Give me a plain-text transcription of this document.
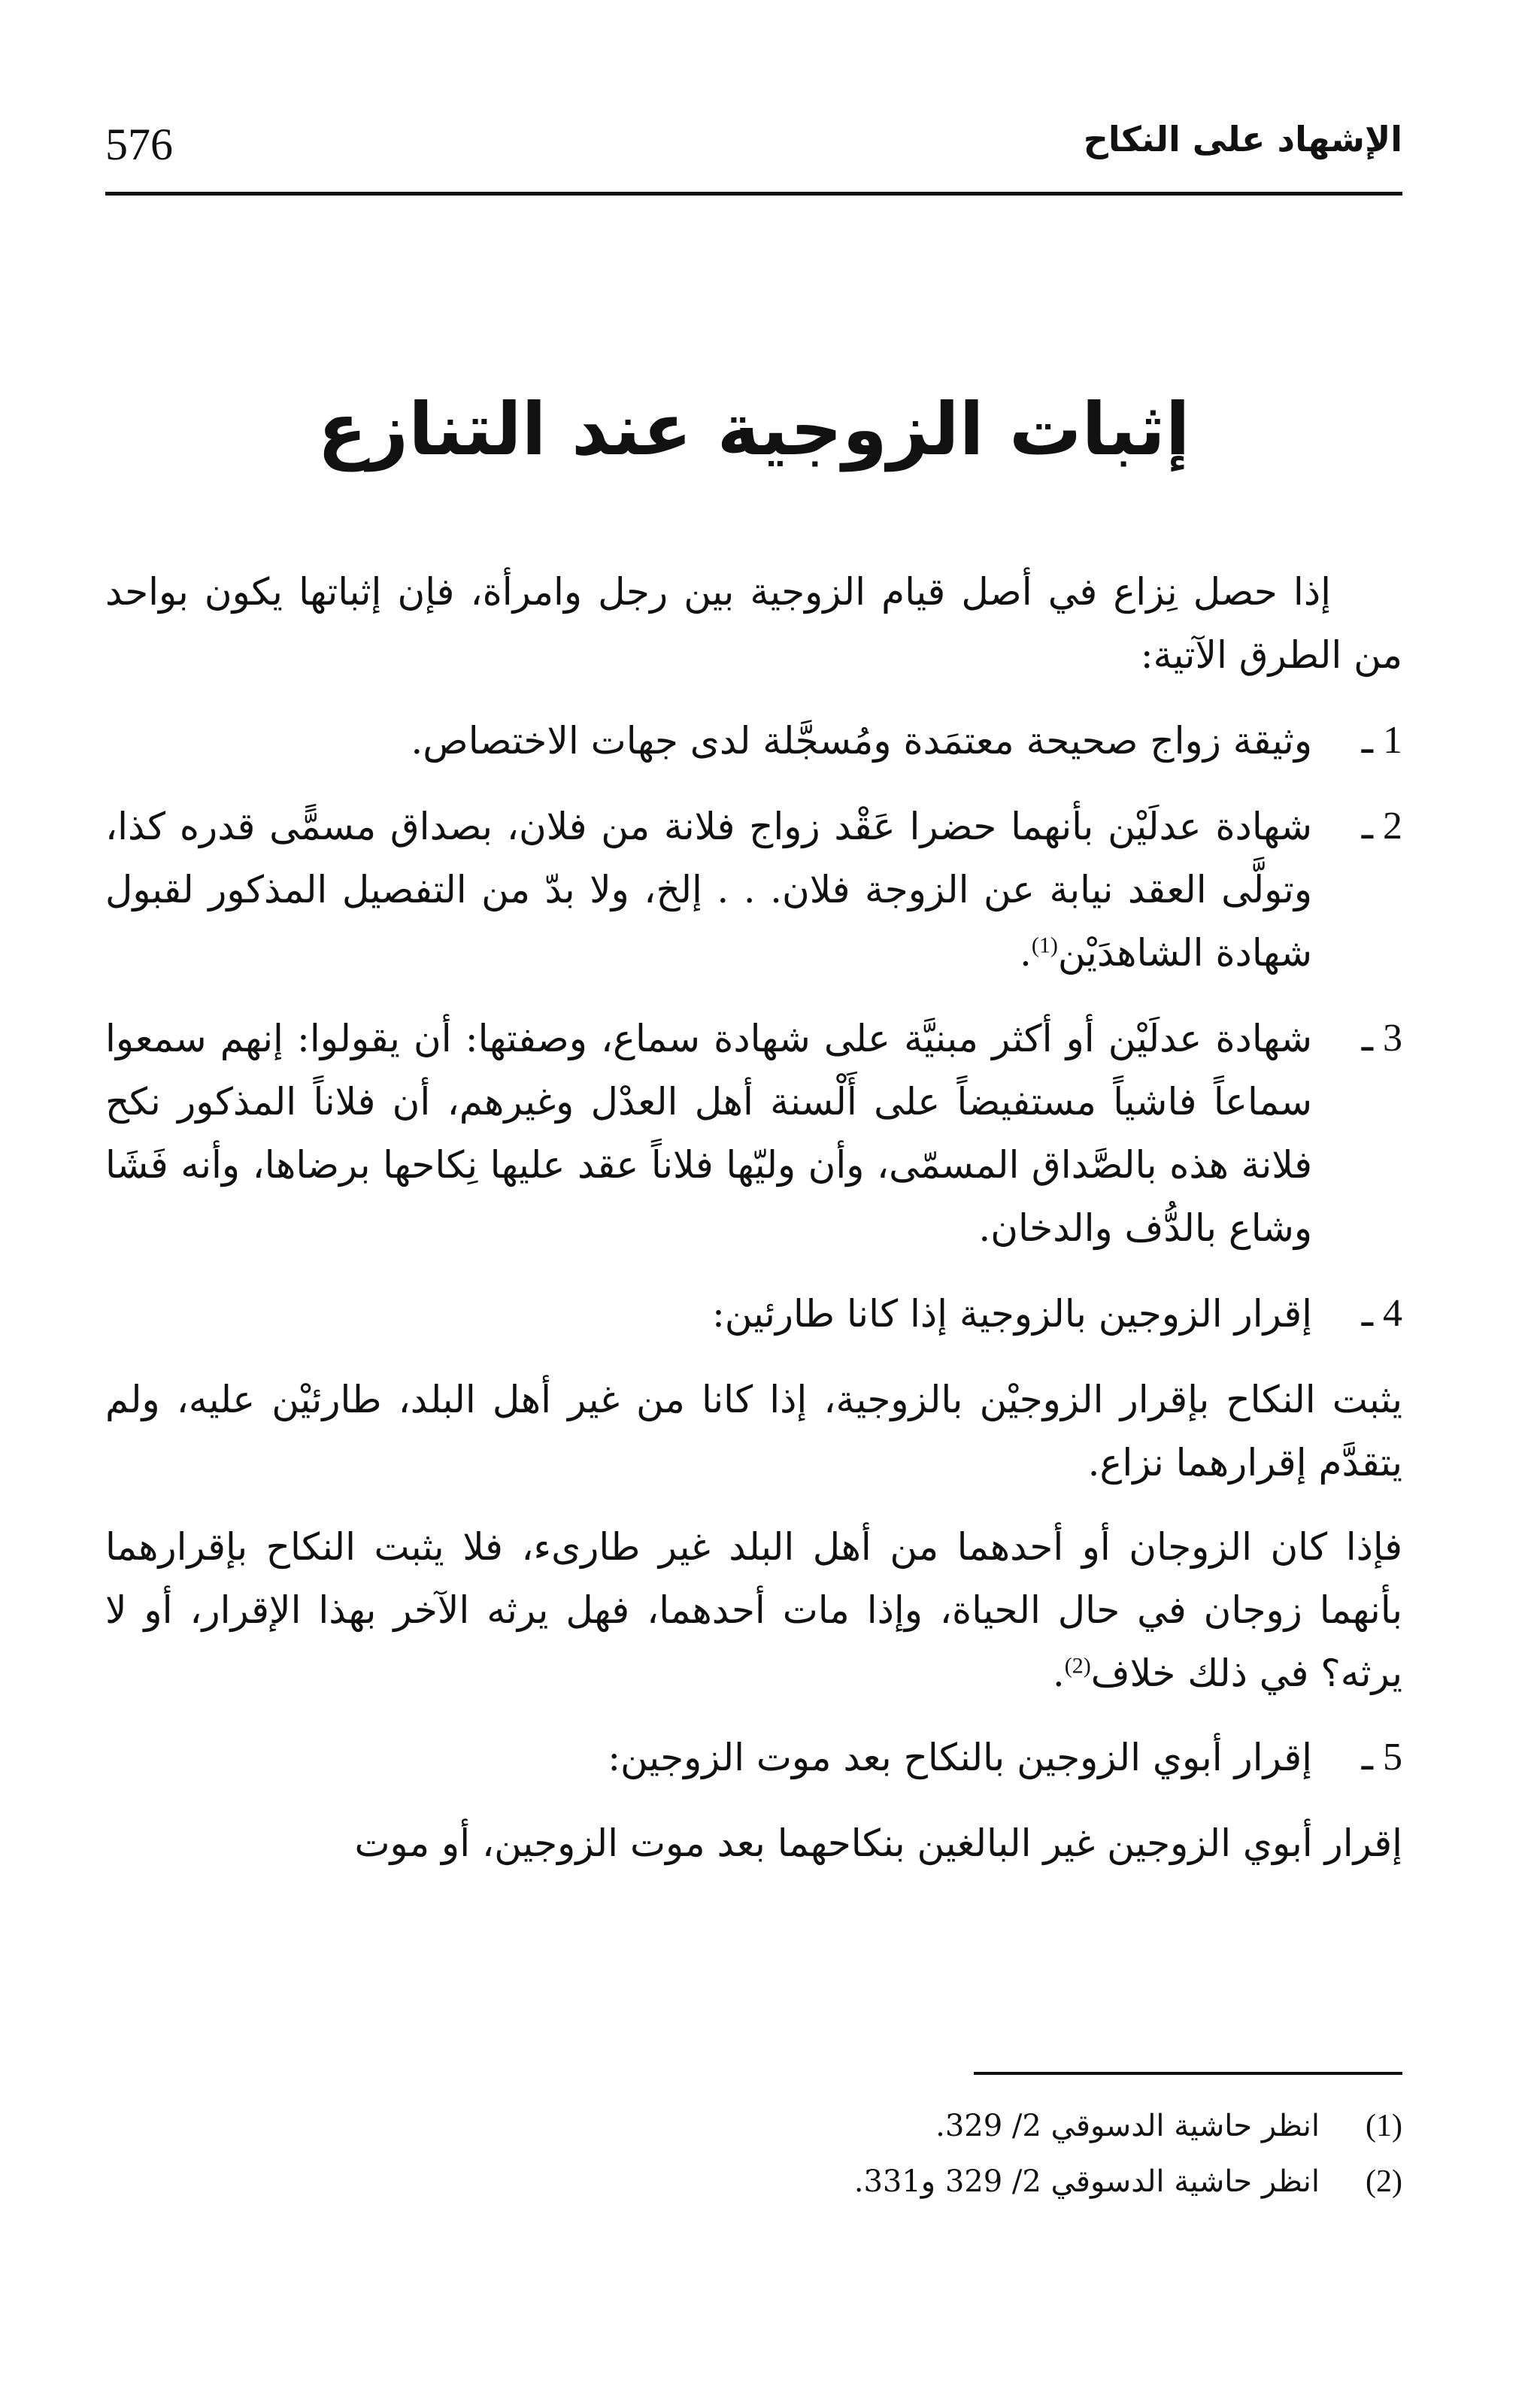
576	الإشهاد على النكاح
إثبات الزوجية عند التنازع

إذا حصل نِزاع في أصل قيام الزوجية بين رجل وامرأة، فإن إثباتها يكون بواحد من الطرق الآتية:

1 ـ
وثيقة زواج صحيحة معتمَدة ومُسجَّلة لدى جهات الاختصاص.
2 ـ
شهادة عدلَيْن بأنهما حضرا عَقْد زواج فلانة من فلان، بصداق مسمًّى قدره كذا، وتولَّى العقد نيابة عن الزوجة فلان. . . إلخ، ولا بدّ من التفصيل المذكور لقبول شهادة الشاهدَيْن$^{(1)}$.
3 ـ
شهادة عدلَيْن أو أكثر مبنيَّة على شهادة سماع، وصفتها: أن يقولوا: إنهم سمعوا سماعاً فاشياً مستفيضاً على أَلْسنة أهل العدْل وغيرهم، أن فلاناً المذكور نكح فلانة هذه بالصَّداق المسمّى، وأن وليّها فلاناً عقد عليها نِكاحها برضاها، وأنه فَشَا وشاع بالدُّف والدخان.
4 ـ
إقرار الزوجين بالزوجية إذا كانا طارئين:

يثبت النكاح بإقرار الزوجيْن بالزوجية، إذا كانا من غير أهل البلد، طارئيْن عليه، ولم يتقدَّم إقرارهما نزاع.

فإذا كان الزوجان أو أحدهما من أهل البلد غير طارىء، فلا يثبت النكاح بإقرارهما بأنهما زوجان في حال الحياة، وإذا مات أحدهما، فهل يرثه الآخر بهذا الإقرار، أو لا يرثه؟ في ذلك خلاف$^{(2)}$.

5 ـ
إقرار أبوي الزوجين بالنكاح بعد موت الزوجين:

إقرار أبوي الزوجين غير البالغين بنكاحهما بعد موت الزوجين، أو موت

(1)
انظر حاشية الدسوقي 2/ 329.
(2)
انظر حاشية الدسوقي 2/ 329 و331.
